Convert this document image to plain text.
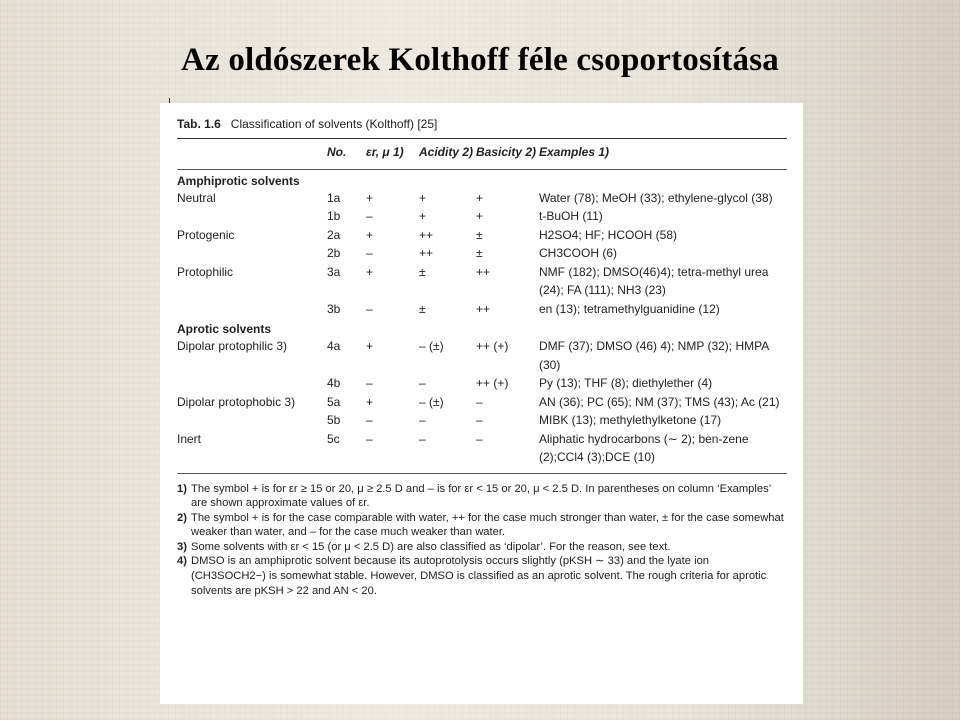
Az oldószerek Kolthoff féle csoportosítása
Tab. 1.6 Classification of solvents (Kolthoff) [25]
	No.	εr, μ 1)	Acidity 2)	Basicity 2)	Examples 1)

Amphiprotic solvents					
Neutral	1a	+	+	+	Water (78); MeOH (33); ethylene-glycol (38)
	1b	–	+	+	t-BuOH (11)
Protogenic	2a	+	++	±	H2SO4; HF; HCOOH (58)
	2b	–	++	±	CH3COOH (6)
Protophilic	3a	+	±	++	NMF (182); DMSO(46)4); tetra-methyl urea (24); FA (111); NH3 (23)
	3b	–	±	++	en (13); tetramethylguanidine (12)
Aprotic solvents					
Dipolar protophilic 3)	4a	+	– (±)	++ (+)	DMF (37); DMSO (46) 4); NMP (32); HMPA (30)
	4b	–	–	++ (+)	Py (13); THF (8); diethylether (4)
Dipolar protophobic 3)	5a	+	– (±)	–	AN (36); PC (65); NM (37); TMS (43); Ac (21)
	5b	–	–	–	MIBK (13); methylethylketone (17)
Inert	5c	–	–	–	Aliphatic hydrocarbons (∼ 2); ben-zene (2);CCl4 (3);DCE (10)
1) The symbol + is for εr ≥ 15 or 20, μ ≥ 2.5 D and – is for εr < 15 or 20, μ < 2.5 D. In parentheses on column ‘Examples’ are shown approximate values of εr.
2) The symbol + is for the case comparable with water, ++ for the case much stronger than water, ± for the case somewhat weaker than water, and – for the case much weaker than water.
3) Some solvents with εr < 15 (or μ < 2.5 D) are also classified as ‘dipolar’. For the reason, see text.
4) DMSO is an amphiprotic solvent because its autoprotolysis occurs slightly (pKSH ∼ 33) and the lyate ion (CH3SOCH2−) is somewhat stable. However, DMSO is classified as an aprotic solvent. The rough criteria for aprotic solvents are pKSH > 22 and AN < 20.
